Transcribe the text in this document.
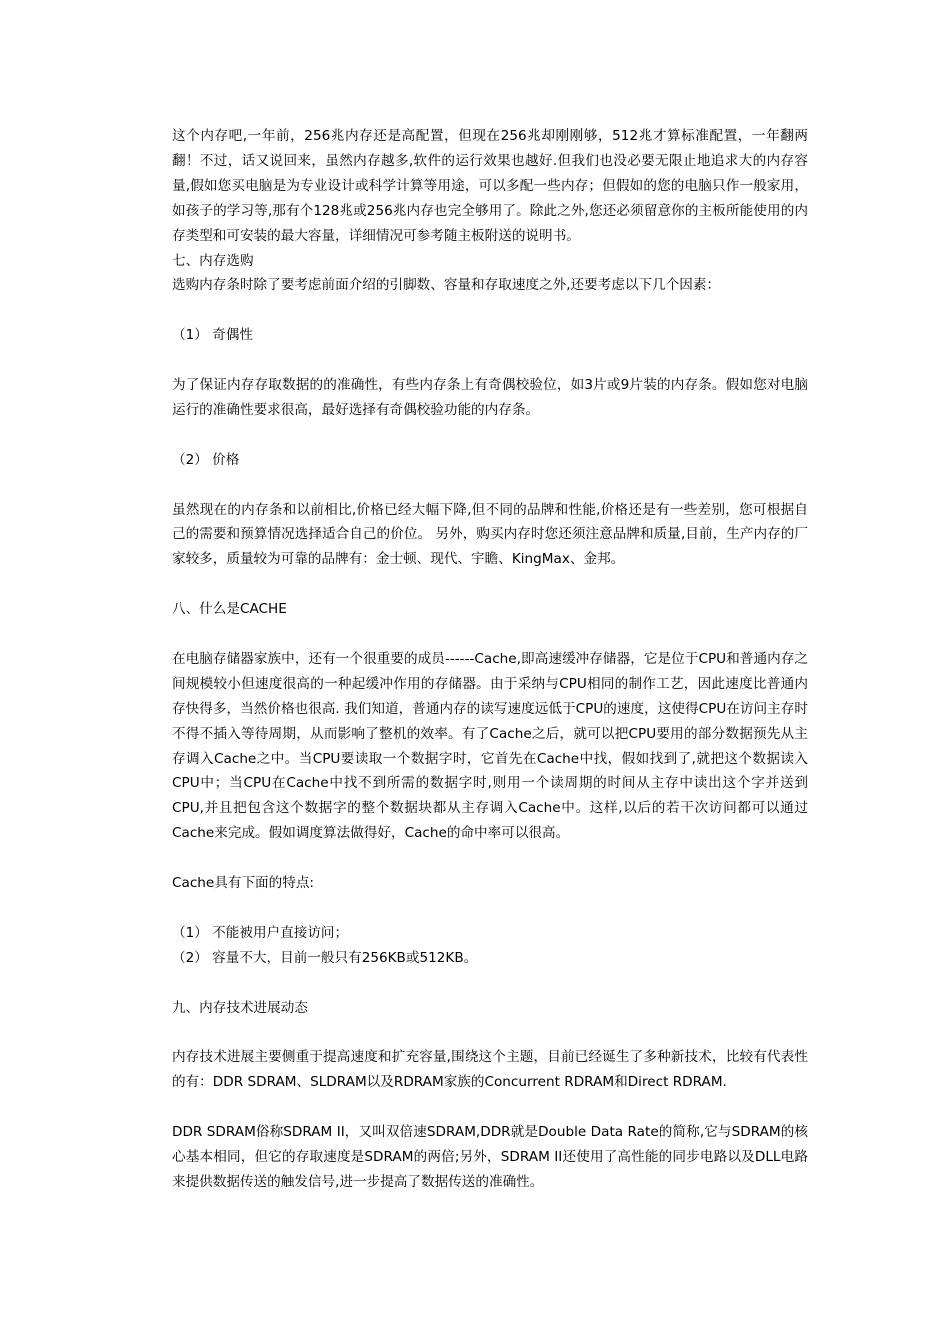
这个内存吧,一年前，256兆内存还是高配置，但现在256兆却刚刚够，512兆才算标准配置，一年翻两翻！不过，话又说回来，虽然内存越多,软件的运行效果也越好.但我们也没必要无限止地追求大的内存容量,假如您买电脑是为专业设计或科学计算等用途，可以多配一些内存；但假如的您的电脑只作一般家用，如孩子的学习等,那有个128兆或256兆内存也完全够用了。除此之外,您还必须留意你的主板所能使用的内存类型和可安装的最大容量，详细情况可参考随主板附送的说明书。

七、内存选购

选购内存条时除了要考虑前面介绍的引脚数、容量和存取速度之外,还要考虑以下几个因素：

（1） 奇偶性

为了保证内存存取数据的的准确性，有些内存条上有奇偶校验位，如3片或9片装的内存条。假如您对电脑运行的准确性要求很高，最好选择有奇偶校验功能的内存条。

（2） 价格

虽然现在的内存条和以前相比,价格已经大幅下降,但不同的品牌和性能,价格还是有一些差别，您可根据自己的需要和预算情况选择适合自己的价位。 另外，购买内存时您还须注意品牌和质量,目前，生产内存的厂家较多，质量较为可靠的品牌有：金士顿、现代、宇瞻、KingMax、金邦。

八、什么是CACHE

在电脑存储器家族中，还有一个很重要的成员------Cache,即高速缓冲存储器，它是位于CPU和普通内存之间规模较小但速度很高的一种起缓冲作用的存储器。由于采纳与CPU相同的制作工艺，因此速度比普通内存快得多，当然价格也很高. 我们知道，普通内存的读写速度远低于CPU的速度，这使得CPU在访问主存时不得不插入等待周期，从而影响了整机的效率。有了Cache之后，就可以把CPU要用的部分数据预先从主存调入Cache之中。当CPU要读取一个数据字时，它首先在Cache中找，假如找到了,就把这个数据读入CPU中；当CPU在Cache中找不到所需的数据字时,则用一个读周期的时间从主存中读出这个字并送到CPU,并且把包含这个数据字的整个数据块都从主存调入Cache中。这样,以后的若干次访问都可以通过Cache来完成。假如调度算法做得好，Cache的命中率可以很高。

Cache具有下面的特点:

（1） 不能被用户直接访问；

（2） 容量不大，目前一般只有256KB或512KB。

九、内存技术进展动态

内存技术进展主要侧重于提高速度和扩充容量,围绕这个主题，目前已经诞生了多种新技术，比较有代表性的有：DDR SDRAM、SLDRAM以及RDRAM家族的Concurrent RDRAM和Direct RDRAM.

DDR SDRAM俗称SDRAM II，又叫双倍速SDRAM,DDR就是Double Data Rate的简称,它与SDRAM的核心基本相同，但它的存取速度是SDRAM的两倍;另外，SDRAM II还使用了高性能的同步电路以及DLL电路来提供数据传送的触发信号,进一步提高了数据传送的准确性。
